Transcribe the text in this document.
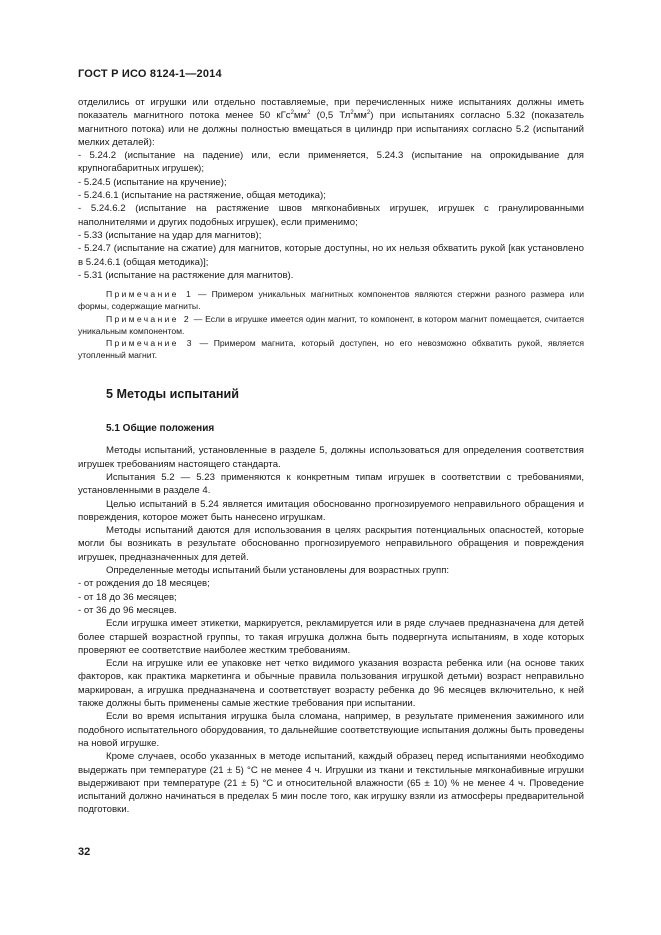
ГОСТ Р ИСО 8124-1—2014

отделились от игрушки или отдельно поставляемые, при перечисленных ниже испытаниях должны иметь показатель магнитного потока менее 50 $кГс^2мм^2$ (0,5 $Тл^2мм^2$) при испытаниях согласно 5.32 (показатель магнитного потока) или не должны полностью вмещаться в цилиндр при испытаниях согласно 5.2 (испытаний мелких деталей):

- 5.24.2 (испытание на падение) или, если применяется, 5.24.3 (испытание на опрокидывание для крупногабаритных игрушек);

- 5.24.5 (испытание на кручение);

- 5.24.6.1 (испытание на растяжение, общая методика);

- 5.24.6.2 (испытание на растяжение швов мягконабивных игрушек, игрушек с гранулированными наполнителями и других подобных игрушек), если применимо;

- 5.33 (испытание на удар для магнитов);

- 5.24.7 (испытание на сжатие) для магнитов, которые доступны, но их нельзя обхватить рукой [как установлено в 5.24.6.1 (общая методика)];

- 5.31 (испытание на растяжение для магнитов).

Примечание 1 — Примером уникальных магнитных компонентов являются стержни разного размера или формы, содержащие магниты.

Примечание 2 — Если в игрушке имеется один магнит, то компонент, в котором магнит помещается, считается уникальным компонентом.

Примечание 3 — Примером магнита, который доступен, но его невозможно обхватить рукой, является утопленный магнит.

5 Методы испытаний
5.1 Общие положения

Методы испытаний, установленные в разделе 5, должны использоваться для определения соответствия игрушек требованиям настоящего стандарта.

Испытания 5.2 — 5.23 применяются к конкретным типам игрушек в соответствии с требованиями, установленными в разделе 4.

Целью испытаний в 5.24 является имитация обоснованно прогнозируемого неправильного обращения и повреждения, которое может быть нанесено игрушкам.

Методы испытаний даются для использования в целях раскрытия потенциальных опасностей, которые могли бы возникать в результате обоснованно прогнозируемого неправильного обращения и повреждения игрушек, предназначенных для детей.

Определенные методы испытаний были установлены для возрастных групп:

- от рождения до 18 месяцев;

- от 18 до 36 месяцев;

- от 36 до 96 месяцев.

Если игрушка имеет этикетки, маркируется, рекламируется или в ряде случаев предназначена для детей более старшей возрастной группы, то такая игрушка должна быть подвергнута испытаниям, в ходе которых проверяют ее соответствие наиболее жестким требованиям.

Если на игрушке или ее упаковке нет четко видимого указания возраста ребенка или (на основе таких факторов, как практика маркетинга и обычные правила пользования игрушкой детьми) возраст неправильно маркирован, а игрушка предназначена и соответствует возрасту ребенка до 96 месяцев включительно, к ней также должны быть применены самые жесткие требования при испытании.

Если во время испытания игрушка была сломана, например, в результате применения зажимного или подобного испытательного оборудования, то дальнейшие соответствующие испытания должны быть проведены на новой игрушке.

Кроме случаев, особо указанных в методе испытаний, каждый образец перед испытаниями необходимо выдержать при температуре (21 ± 5) °С не менее 4 ч. Игрушки из ткани и текстильные мягконабивные игрушки выдерживают при температуре (21 ± 5) °С и относительной влажности (65 ± 10) % не менее 4 ч. Проведение испытаний должно начинаться в пределах 5 мин после того, как игрушку взяли из атмосферы предварительной подготовки.

32
